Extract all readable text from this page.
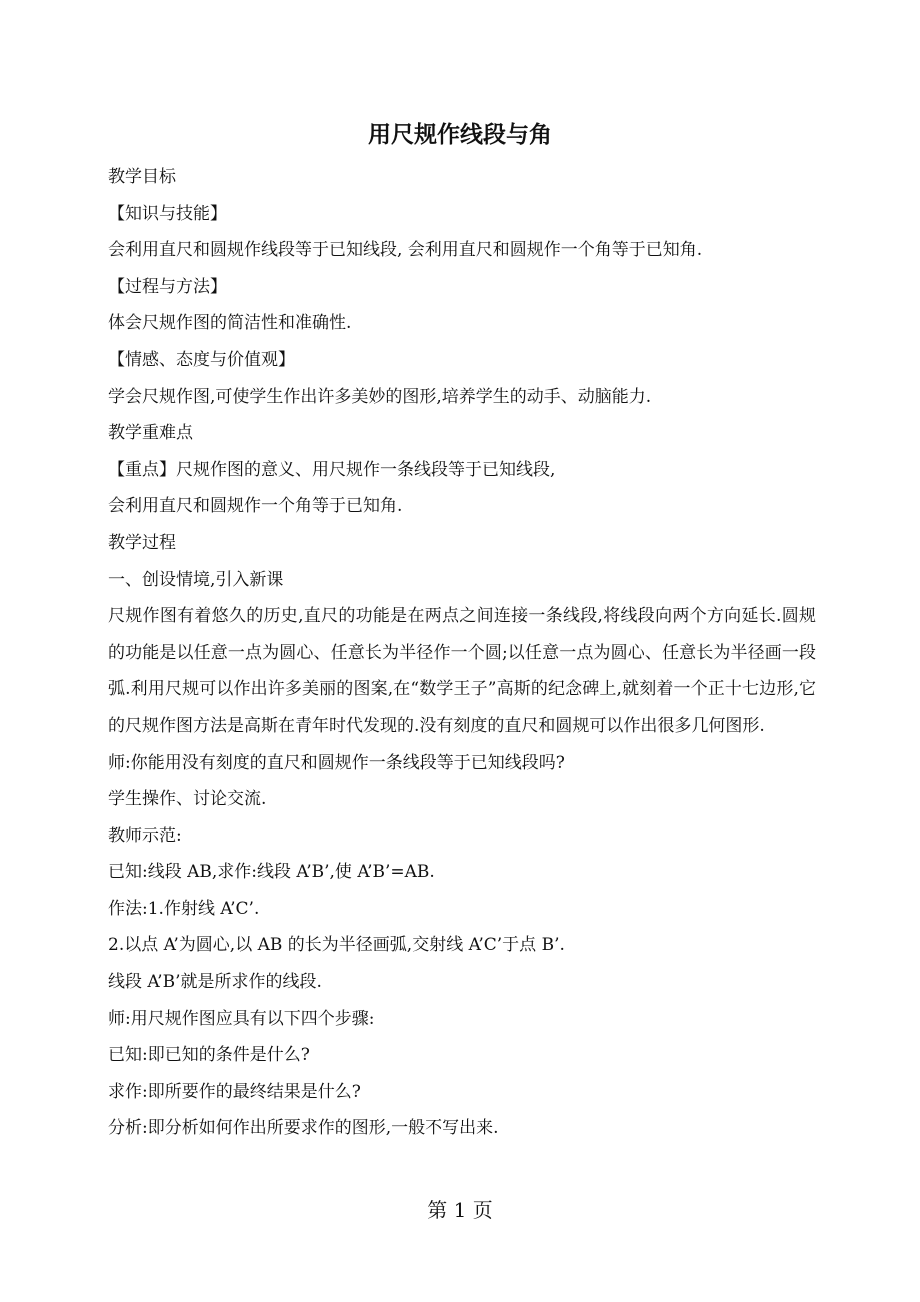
用尺规作线段与角
教学目标
【知识与技能】
会利用直尺和圆规作线段等于已知线段, 会利用直尺和圆规作一个角等于已知角.
【过程与方法】
体会尺规作图的简洁性和准确性.
【情感、态度与价值观】
学会尺规作图,可使学生作出许多美妙的图形,培养学生的动手、动脑能力.
教学重难点
【重点】尺规作图的意义、用尺规作一条线段等于已知线段,
会利用直尺和圆规作一个角等于已知角.
教学过程
一、创设情境,引入新课
尺规作图有着悠久的历史,直尺的功能是在两点之间连接一条线段,将线段向两个方向延长.圆规的功能是以任意一点为圆心、任意长为半径作一个圆;以任意一点为圆心、任意长为半径画一段弧.利用尺规可以作出许多美丽的图案,在“数学王子”高斯的纪念碑上,就刻着一个正十七边形,它的尺规作图方法是高斯在青年时代发现的.没有刻度的直尺和圆规可以作出很多几何图形.
师:你能用没有刻度的直尺和圆规作一条线段等于已知线段吗?
学生操作、讨论交流.
教师示范:
已知:线段 AB,求作:线段 A’B’,使 A’B’=AB.
作法:1.作射线 A’C’.
2.以点 A’为圆心,以 AB 的长为半径画弧,交射线 A’C’于点 B’.
线段 A’B’就是所求作的线段.
师:用尺规作图应具有以下四个步骤:
已知:即已知的条件是什么?
求作:即所要作的最终结果是什么?
分析:即分析如何作出所要求作的图形,一般不写出来.
第 1 页
